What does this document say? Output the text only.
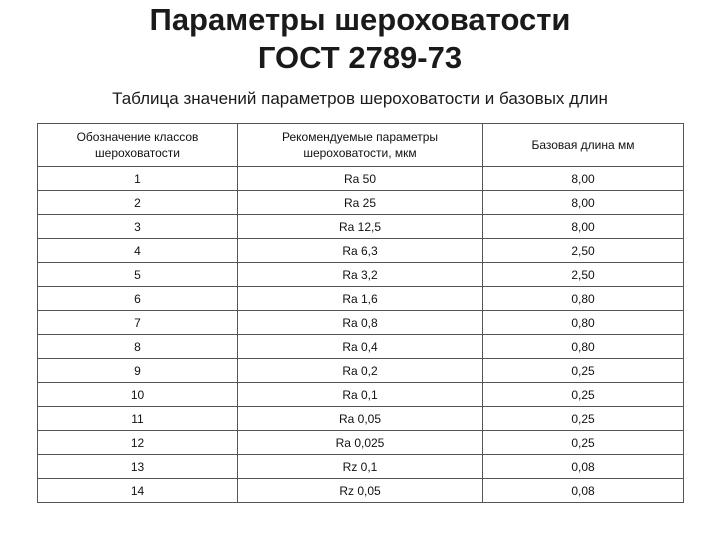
Параметры шероховатости
ГОСТ 2789-73
Таблица значений параметров шероховатости и базовых длин
Обозначение классов шероховатости	Рекомендуемые параметры шероховатости, мкм	Базовая длина мм

1	Ra 50	8,00
2	Ra 25	8,00
3	Ra 12,5	8,00
4	Ra 6,3	2,50
5	Ra 3,2	2,50
6	Ra 1,6	0,80
7	Ra 0,8	0,80
8	Ra 0,4	0,80
9	Ra 0,2	0,25
10	Ra 0,1	0,25
11	Ra 0,05	0,25
12	Ra 0,025	0,25
13	Rz 0,1	0,08
14	Rz 0,05	0,08
